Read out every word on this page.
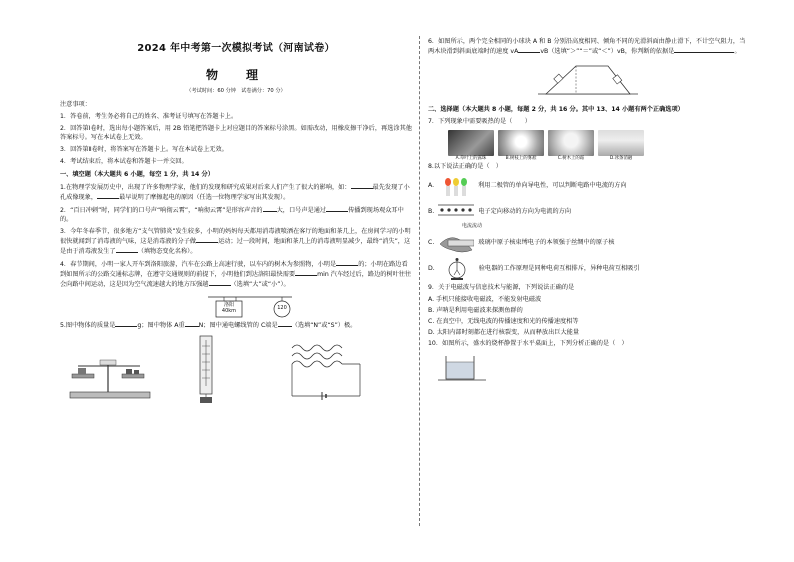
2024 年中考第一次模拟考试（河南试卷）
物　理
（考试时间：60 分钟　试卷满分：70 分）
注意事项：
1．答卷前，考生务必将自己的姓名、准考证号填写在答题卡上。
2．回答第Ⅰ卷时，选出每小题答案后，用 2B 铅笔把答题卡上对应题目的答案标号涂黑。如需改动，用橡皮擦干净后，再选涂其他答案标号。写在本试卷上无效。
3．回答第Ⅱ卷时，将答案写在答题卡上。写在本试卷上无效。
4．考试结束后，将本试卷和答题卡一并交回。
一、填空题（本大题共 6 小题，每空 1 分，共 14 分）
1.在物理学发展历史中，出现了许多物理学家，他们的发现和研究成果对后来人们产生了很大的影响，如：	最先发现了小孔成像现象，	最早说明了摩擦起电的原因（任选一位物理学家写出其发现）。
2．“百日冲刺”时，同学们的口号声“响彻云霄”，“响彻云霄”是形容声音的 大，口号声是通过	传播到现场观众耳中的。
3．今年冬春季节，很多地方“支气管肺炎”发生较多，小明的妈妈每天都用消毒液喷洒在客厅的地面和茶几上，在房间学习的小明很快就闻到了消毒液的气味，这是消毒液的分子做	运动；过一段时间，地面和茶几上的消毒液明显减少，最终“消失”，这是由于消毒液发生了	（填物态变化名称）。
4．春节期间，小明一家人开车到洛阳旅游，汽车在公路上高速行驶，以车内的树木为参照物，小明是	的；小明在路边看到如图所示的公路交通标志牌，在遵守交通规则的前提下，小明他们到达洛阳最快需要	min 汽车经过后，路边的树叶往往会向路中间运动，这是因为空气流速越大的地方压强越	（选填“大”或“小”）。
洛阳
40km	120
5.图中物体的质量是	g；图中物体 A重 N；图中通电螺线管的 C端是 （选填“N”或“S”）极。
6．如图所示，两个完全相同的小球块 A 和 B 分别沿高度相同、倾角不同的光滑斜面由静止滑下，不计空气阻力，当两木块滑到斜面底端时的速度 vA	vB（选填“＞”“＝”或“＜”）vB，你判断的依据是	。
二、选择题（本大题共 8 小题，每题 2 分，共 16 分。其中 13、14 小题有两个正确选项）
7．下列现象中需要吸热的是（　　）
A.草叶上的露珠	B.树枝上的雾凇	C.树木上的霜	D.冰条消融
8.以下说法正确的是（　）
A.	利用二极管的单向导电性，可以判断电路中电流的方向
B.	电子定向移动的方向为电流的方向
电流流动
C.	玻璃中原子核束缚电子的本领强于丝绸中的原子核
D.	验电器的工作原理是同种电荷互相排斥，异种电荷互相吸引
9．关于电磁波与信息技术与能源，下列说法正确的是
A. 手机只能接收电磁波，不能发射电磁波
B. 声呐是利用电磁波来探测鱼群的
C. 在真空中，无线电波的传播速度和光的传播速度相等
D. 太阳内部时刻都在进行核裂变，从而释放出巨大能量
10．如图所示，盛水的烧杯静置于水平桌面上，下列分析正确的是（　）
